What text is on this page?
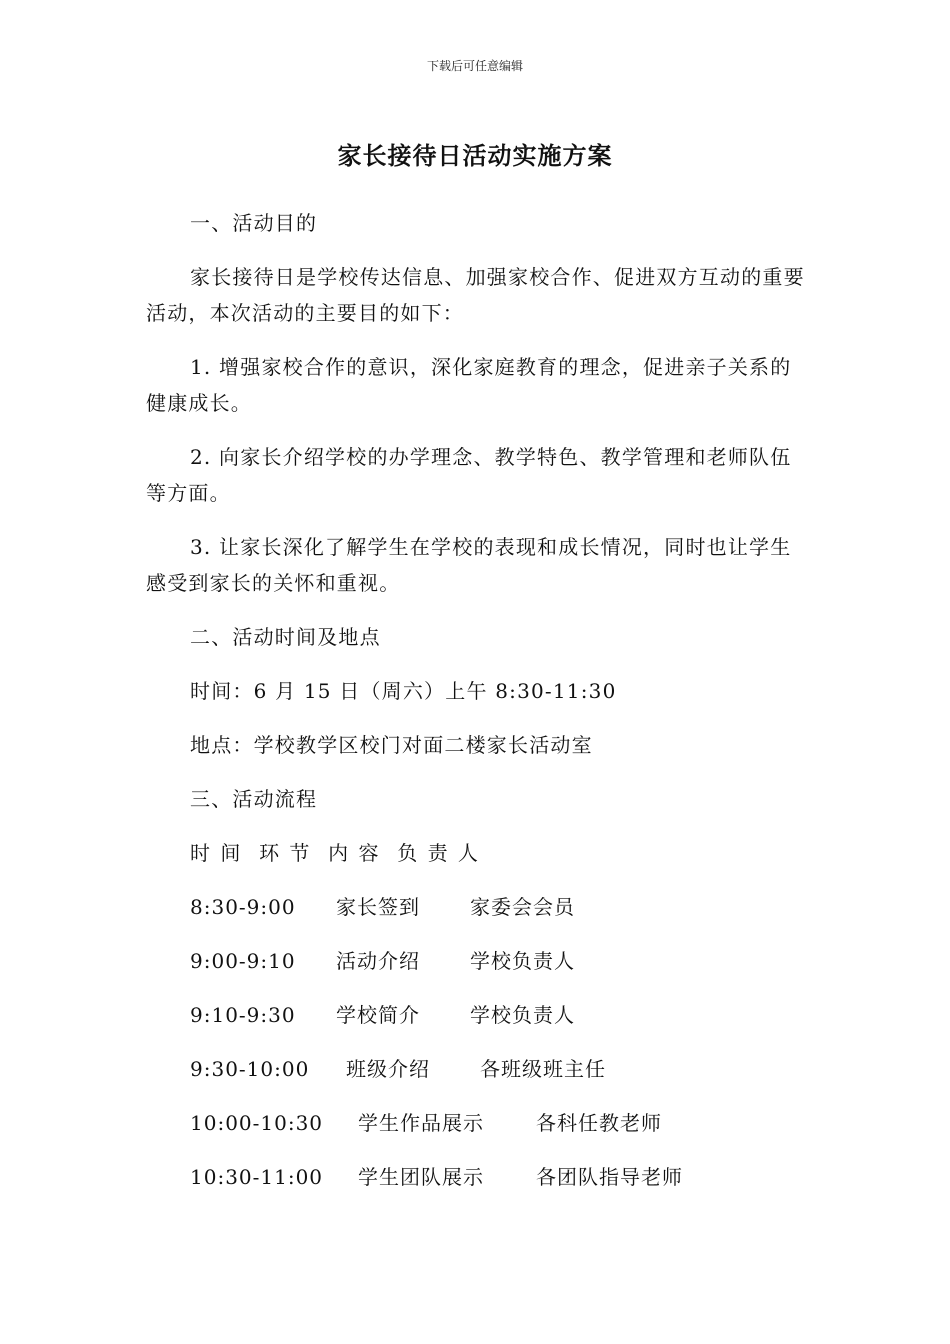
下载后可任意编辑
家长接待日活动实施方案
一、活动目的
家长接待日是学校传达信息、加强家校合作、促进双方互动的重要活动，本次活动的主要目的如下：
1. 增强家校合作的意识，深化家庭教育的理念，促进亲子关系的健康成长。
2. 向家长介绍学校的办学理念、教学特色、教学管理和老师队伍等方面。
3. 让家长深化了解学生在学校的表现和成长情况，同时也让学生感受到家长的关怀和重视。
二、活动时间及地点
时间：6 月 15 日（周六）上午 8:30-11:30
地点：学校教学区校门对面二楼家长活动室
三、活动流程
时 间  环 节  内 容  负 责 人
8:30-9:00 家长签到	家委会会员
9:00-9:10 活动介绍	学校负责人
9:10-9:30 学校简介	学校负责人
9:30-10:00 班级介绍	各班级班主任
10:00-10:30 学生作品展示	各科任教老师
10:30-11:00 学生团队展示	各团队指导老师
